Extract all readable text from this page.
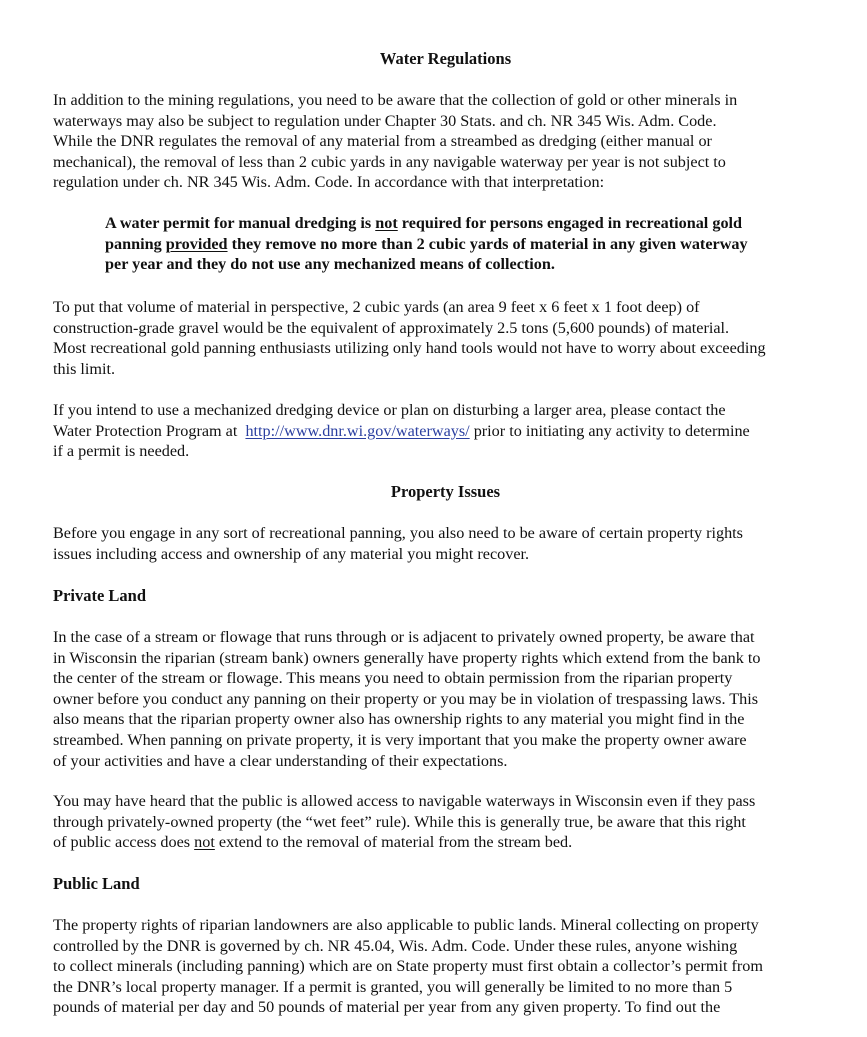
Water Regulations
In addition to the mining regulations, you need to be aware that the collection of gold or other minerals in
waterways may also be subject to regulation under Chapter 30 Stats. and ch. NR 345 Wis. Adm. Code.
While the DNR regulates the removal of any material from a streambed as dredging (either manual or
mechanical), the removal of less than 2 cubic yards in any navigable waterway per year is not subject to
regulation under ch. NR 345 Wis. Adm. Code. In accordance with that interpretation:
A water permit for manual dredging is not required for persons engaged in recreational gold
panning provided they remove no more than 2 cubic yards of material in any given waterway
per year and they do not use any mechanized means of collection.
To put that volume of material in perspective, 2 cubic yards (an area 9 feet x 6 feet x 1 foot deep) of
construction-grade gravel would be the equivalent of approximately 2.5 tons (5,600 pounds) of material.
Most recreational gold panning enthusiasts utilizing only hand tools would not have to worry about exceeding
this limit.
If you intend to use a mechanized dredging device or plan on disturbing a larger area, please contact the
Water Protection Program at  http://www.dnr.wi.gov/waterways/ prior to initiating any activity to determine
if a permit is needed.
Property Issues
Before you engage in any sort of recreational panning, you also need to be aware of certain property rights
issues including access and ownership of any material you might recover.
Private Land
In the case of a stream or flowage that runs through or is adjacent to privately owned property, be aware that
in Wisconsin the riparian (stream bank) owners generally have property rights which extend from the bank to
the center of the stream or flowage. This means you need to obtain permission from the riparian property
owner before you conduct any panning on their property or you may be in violation of trespassing laws. This
also means that the riparian property owner also has ownership rights to any material you might find in the
streambed. When panning on private property, it is very important that you make the property owner aware
of your activities and have a clear understanding of their expectations.
You may have heard that the public is allowed access to navigable waterways in Wisconsin even if they pass
through privately-owned property (the “wet feet” rule). While this is generally true, be aware that this right
of public access does not extend to the removal of material from the stream bed.
Public Land
The property rights of riparian landowners are also applicable to public lands. Mineral collecting on property
controlled by the DNR is governed by ch. NR 45.04, Wis. Adm. Code. Under these rules, anyone wishing
to collect minerals (including panning) which are on State property must first obtain a collector’s permit from
the DNR’s local property manager. If a permit is granted, you will generally be limited to no more than 5
pounds of material per day and 50 pounds of material per year from any given property. To find out the
